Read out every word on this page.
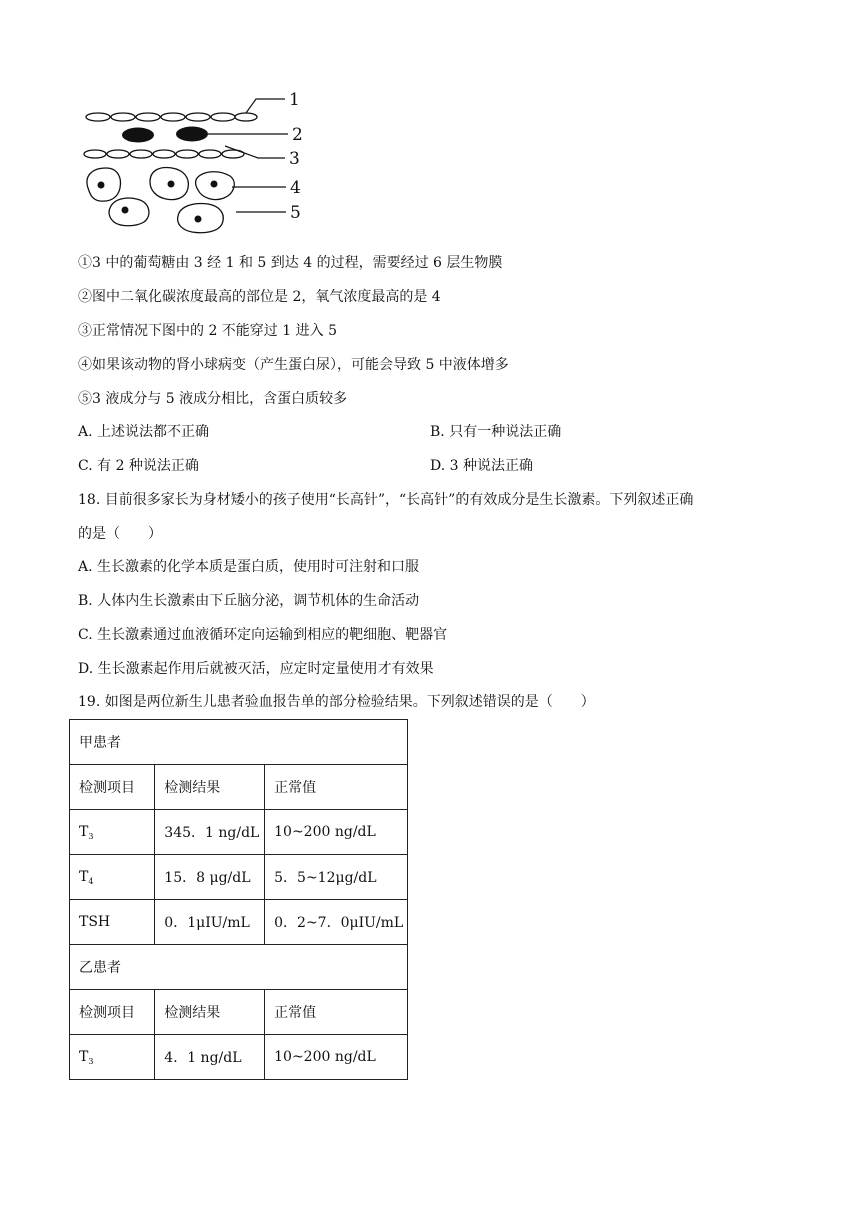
1
2
3
4
5
①3 中的葡萄糖由 3 经 1 和 5 到达 4 的过程，需要经过 6 层生物膜
②图中二氧化碳浓度最高的部位是 2，氧气浓度最高的是 4
③正常情况下图中的 2 不能穿过 1 进入 5
④如果该动物的肾小球病变（产生蛋白尿），可能会导致 5 中液体增多
⑤3 液成分与 5 液成分相比，含蛋白质较多
A. 上述说法都不正确	B. 只有一种说法正确
C. 有 2 种说法正确	D. 3 种说法正确
18. 目前很多家长为身材矮小的孩子使用“长高针”，“长高针”的有效成分是生长激素。下列叙述正确
的是（　　）
A. 生长激素的化学本质是蛋白质，使用时可注射和口服
B. 人体内生长激素由下丘脑分泌，调节机体的生命活动
C. 生长激素通过血液循环定向运输到相应的靶细胞、靶器官
D. 生长激素起作用后就被灭活，应定时定量使用才有效果
19. 如图是两位新生儿患者验血报告单的部分检验结果。下列叙述错误的是（　　）
甲患者		
检测项目	检测结果	正常值
$T_3$	345．1 ng/dL	10~200 ng/dL
$T_4$	15．8 μg/dL	5．5~12μg/dL
TSH	0．1μIU/mL	0．2~7．0μIU/mL
乙患者		
检测项目	检测结果	正常值
$T_3$	4．1 ng/dL	10~200 ng/dL
